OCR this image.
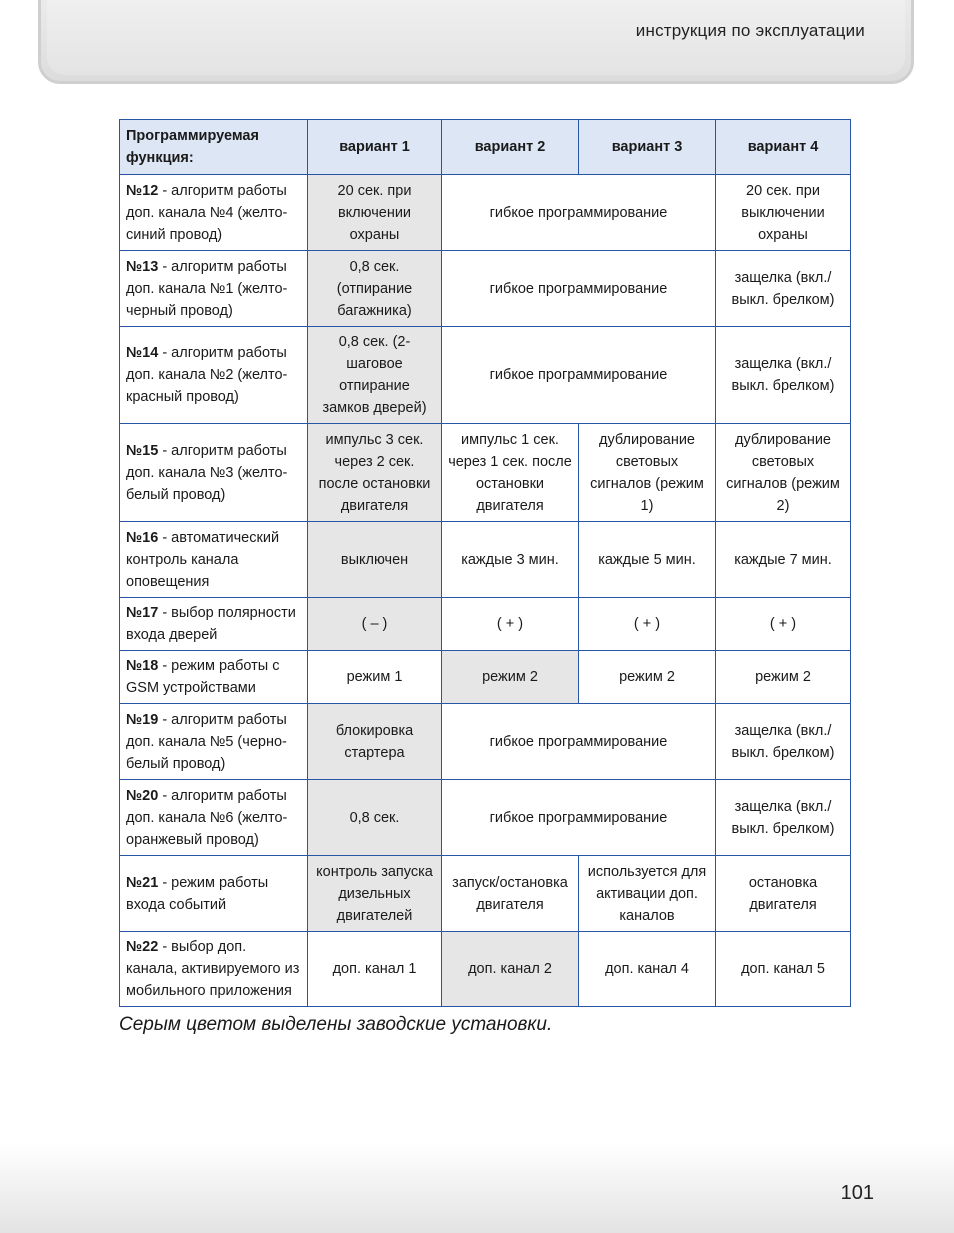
инструкция по эксплуатации
Программируемая функция:	вариант 1	вариант 2	вариант 3	вариант 4
№12 - алгоритм работы доп. канала №4 (желто-синий провод)	20 сек. при включении охраны	гибкое программирование		20 сек. при выключении охраны
№13 - алгоритм работы доп. канала №1 (желто-черный провод)	0,8 сек. (отпирание багажника)	гибкое программирование		защелка (вкл./ выкл. брелком)
№14 - алгоритм работы доп. канала №2 (желто-красный провод)	0,8 сек. (2-шаговое отпирание замков дверей)	гибкое программирование		защелка (вкл./ выкл. брелком)
№15 - алгоритм работы доп. канала №3 (желто-белый провод)	импульс 3 сек. через 2 сек. после остановки двигателя	импульс 1 сек. через 1 сек. после остановки двигателя	дублирование световых сигналов (режим 1)	дублирование световых сигналов (режим 2)
№16 - автоматический контроль канала оповещения	выключен	каждые 3 мин.	каждые 5 мин.	каждые 7 мин.
№17 - выбор полярности входа дверей	( – )	( + )	( + )	( + )
№18 - режим работы с GSM устройствами	режим 1	режим 2	режим 2	режим 2
№19 - алгоритм работы доп. канала №5 (черно-белый провод)	блокировка стартера	гибкое программирование		защелка (вкл./ выкл. брелком)
№20 - алгоритм работы доп. канала №6 (желто-оранжевый провод)	0,8 сек.	гибкое программирование		защелка (вкл./ выкл. брелком)
№21 - режим работы входа событий	контроль запуска дизельных двигателей	запуск/остановка двигателя	используется для активации доп. каналов	остановка двигателя
№22 - выбор доп. канала, активируемого из мобильного приложения	доп. канал 1	доп. канал 2	доп. канал 4	доп. канал 5
Серым цветом выделены заводские установки.
101
